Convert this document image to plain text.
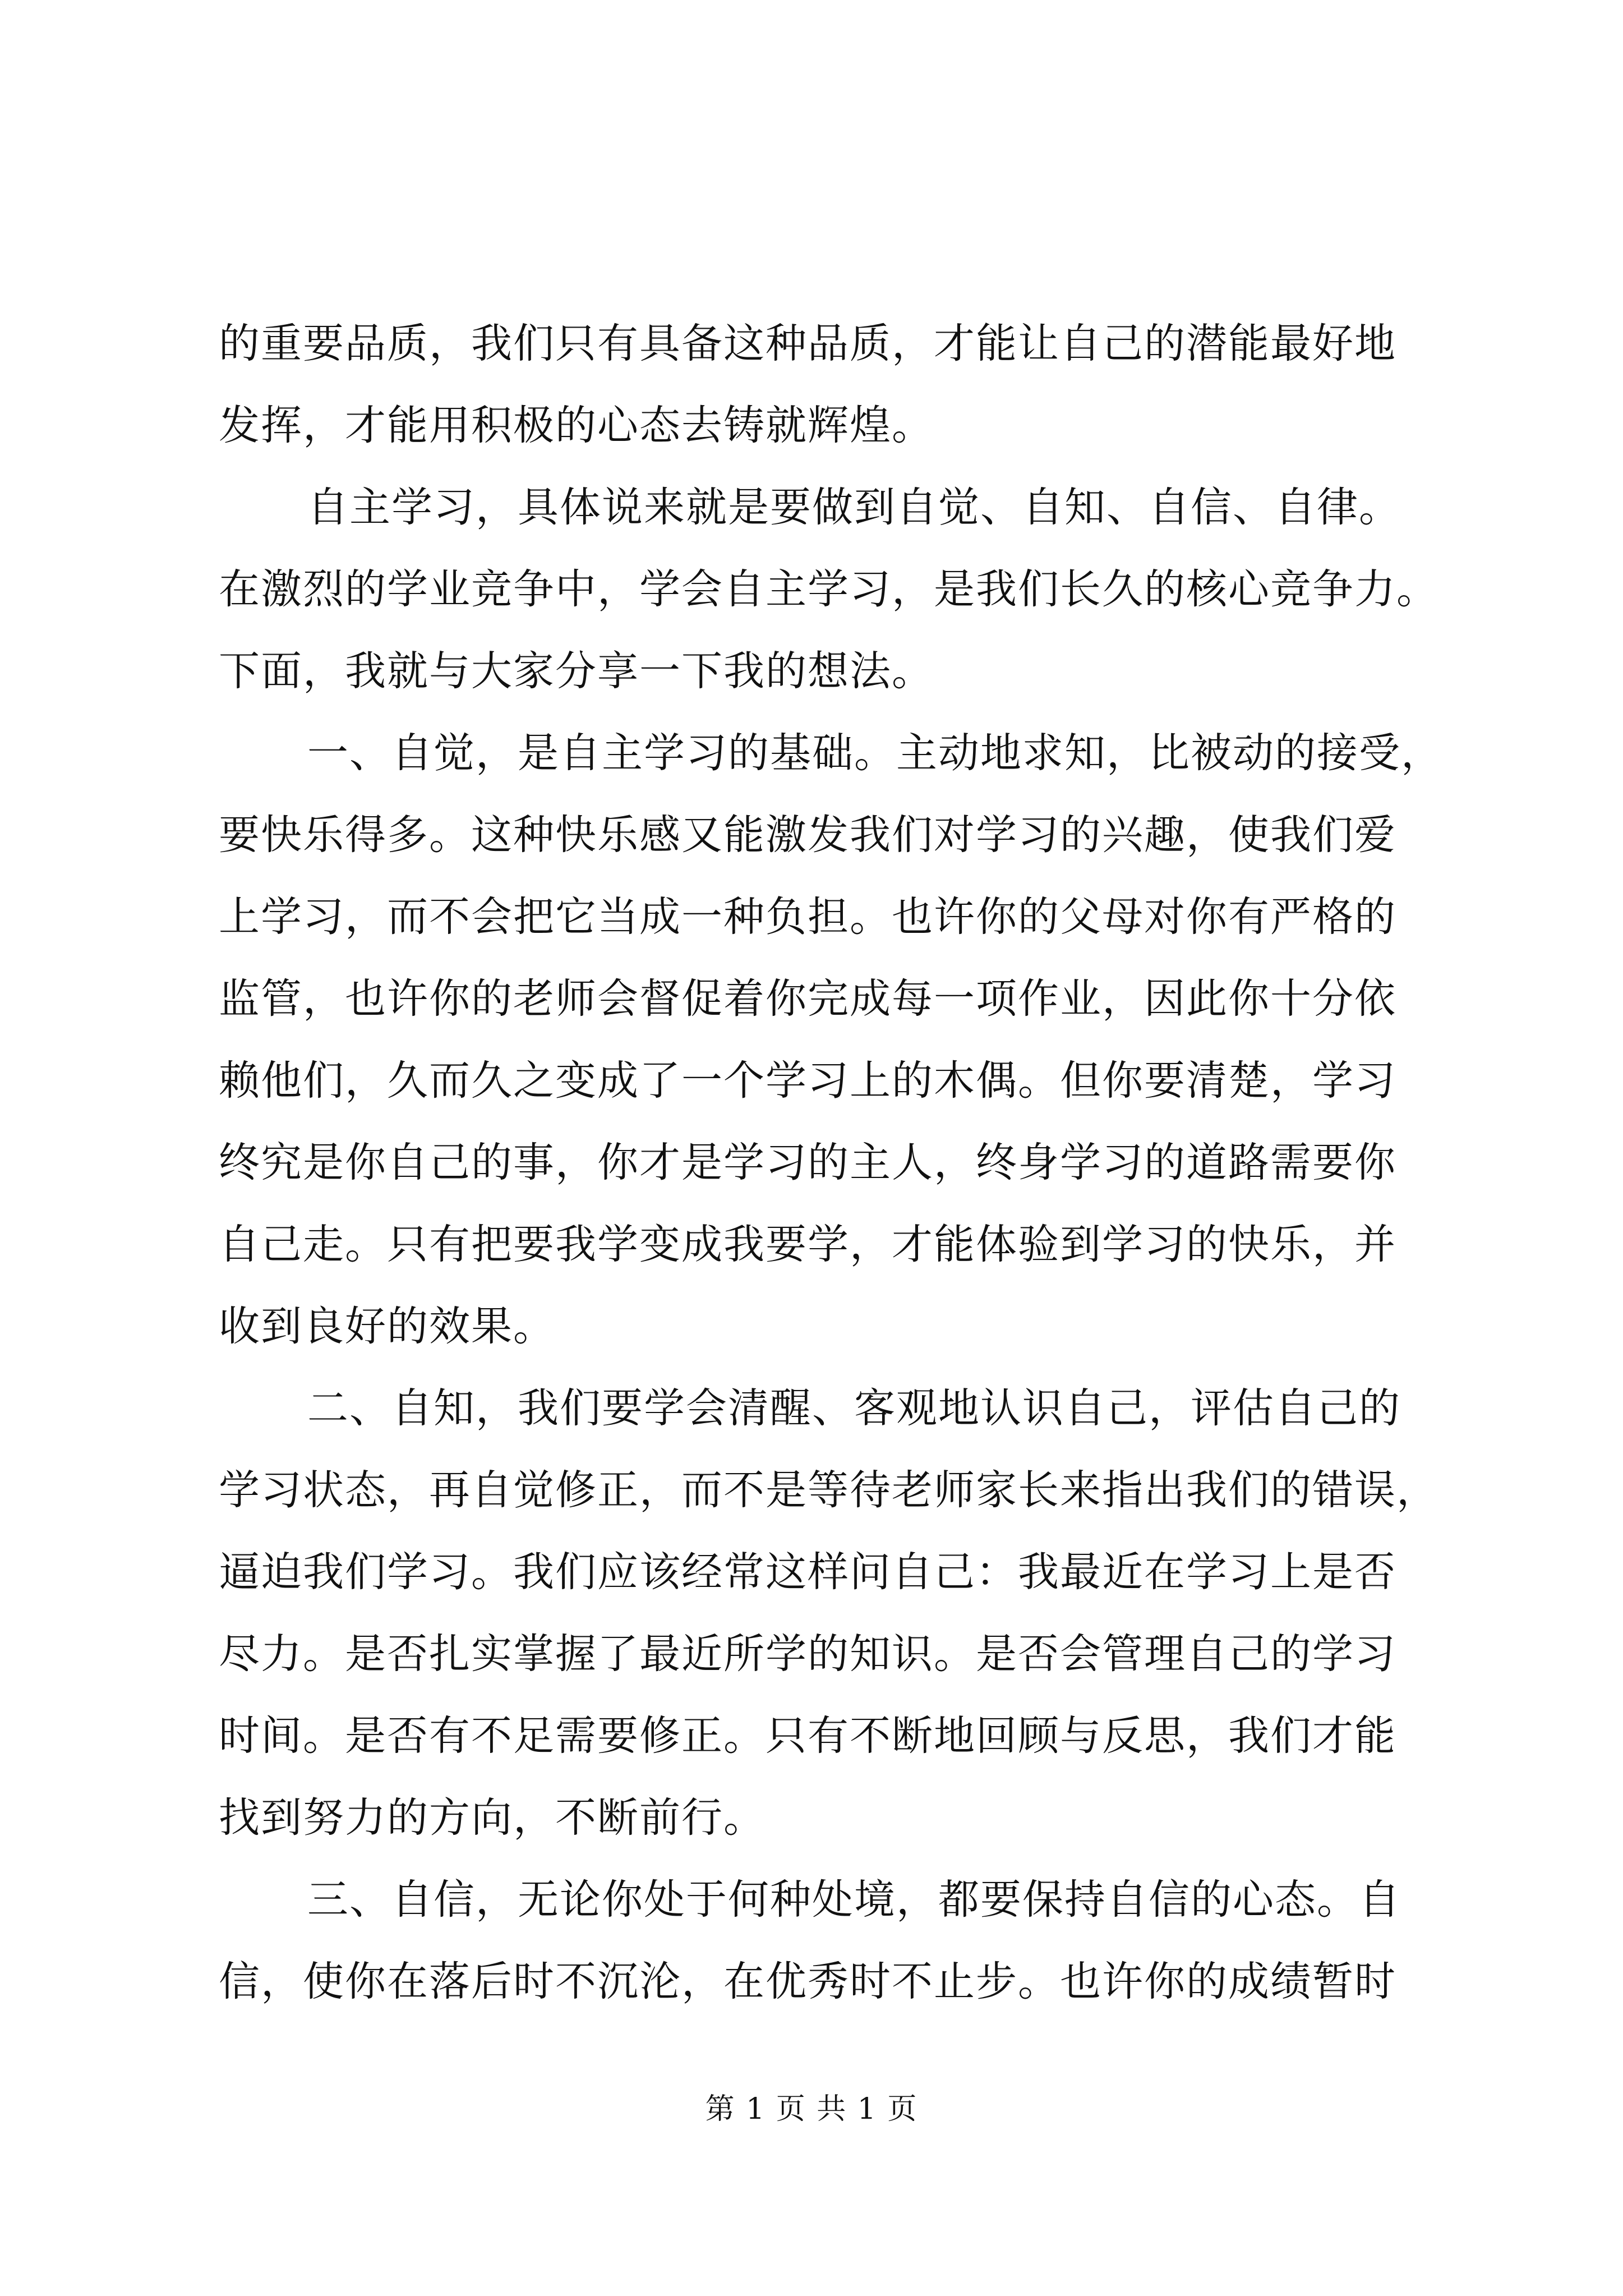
的重要品质，我们只有具备这种品质，才能让自己的潜能最好地
发挥，才能用积极的心态去铸就辉煌。
自主学习，具体说来就是要做到自觉、自知、自信、自律。
在激烈的学业竞争中，学会自主学习，是我们长久的核心竞争力。
下面，我就与大家分享一下我的想法。
一、自觉，是自主学习的基础。主动地求知，比被动的接受，
要快乐得多。这种快乐感又能激发我们对学习的兴趣，使我们爱
上学习，而不会把它当成一种负担。也许你的父母对你有严格的
监管，也许你的老师会督促着你完成每一项作业，因此你十分依
赖他们，久而久之变成了一个学习上的木偶。但你要清楚，学习
终究是你自己的事，你才是学习的主人，终身学习的道路需要你
自己走。只有把要我学变成我要学，才能体验到学习的快乐，并
收到良好的效果。
二、自知，我们要学会清醒、客观地认识自己，评估自己的
学习状态，再自觉修正，而不是等待老师家长来指出我们的错误，
逼迫我们学习。我们应该经常这样问自己：我最近在学习上是否
尽力。是否扎实掌握了最近所学的知识。是否会管理自己的学习
时间。是否有不足需要修正。只有不断地回顾与反思，我们才能
找到努力的方向，不断前行。
三、自信，无论你处于何种处境，都要保持自信的心态。自
信，使你在落后时不沉沦，在优秀时不止步。也许你的成绩暂时
第 1 页 共 1 页
